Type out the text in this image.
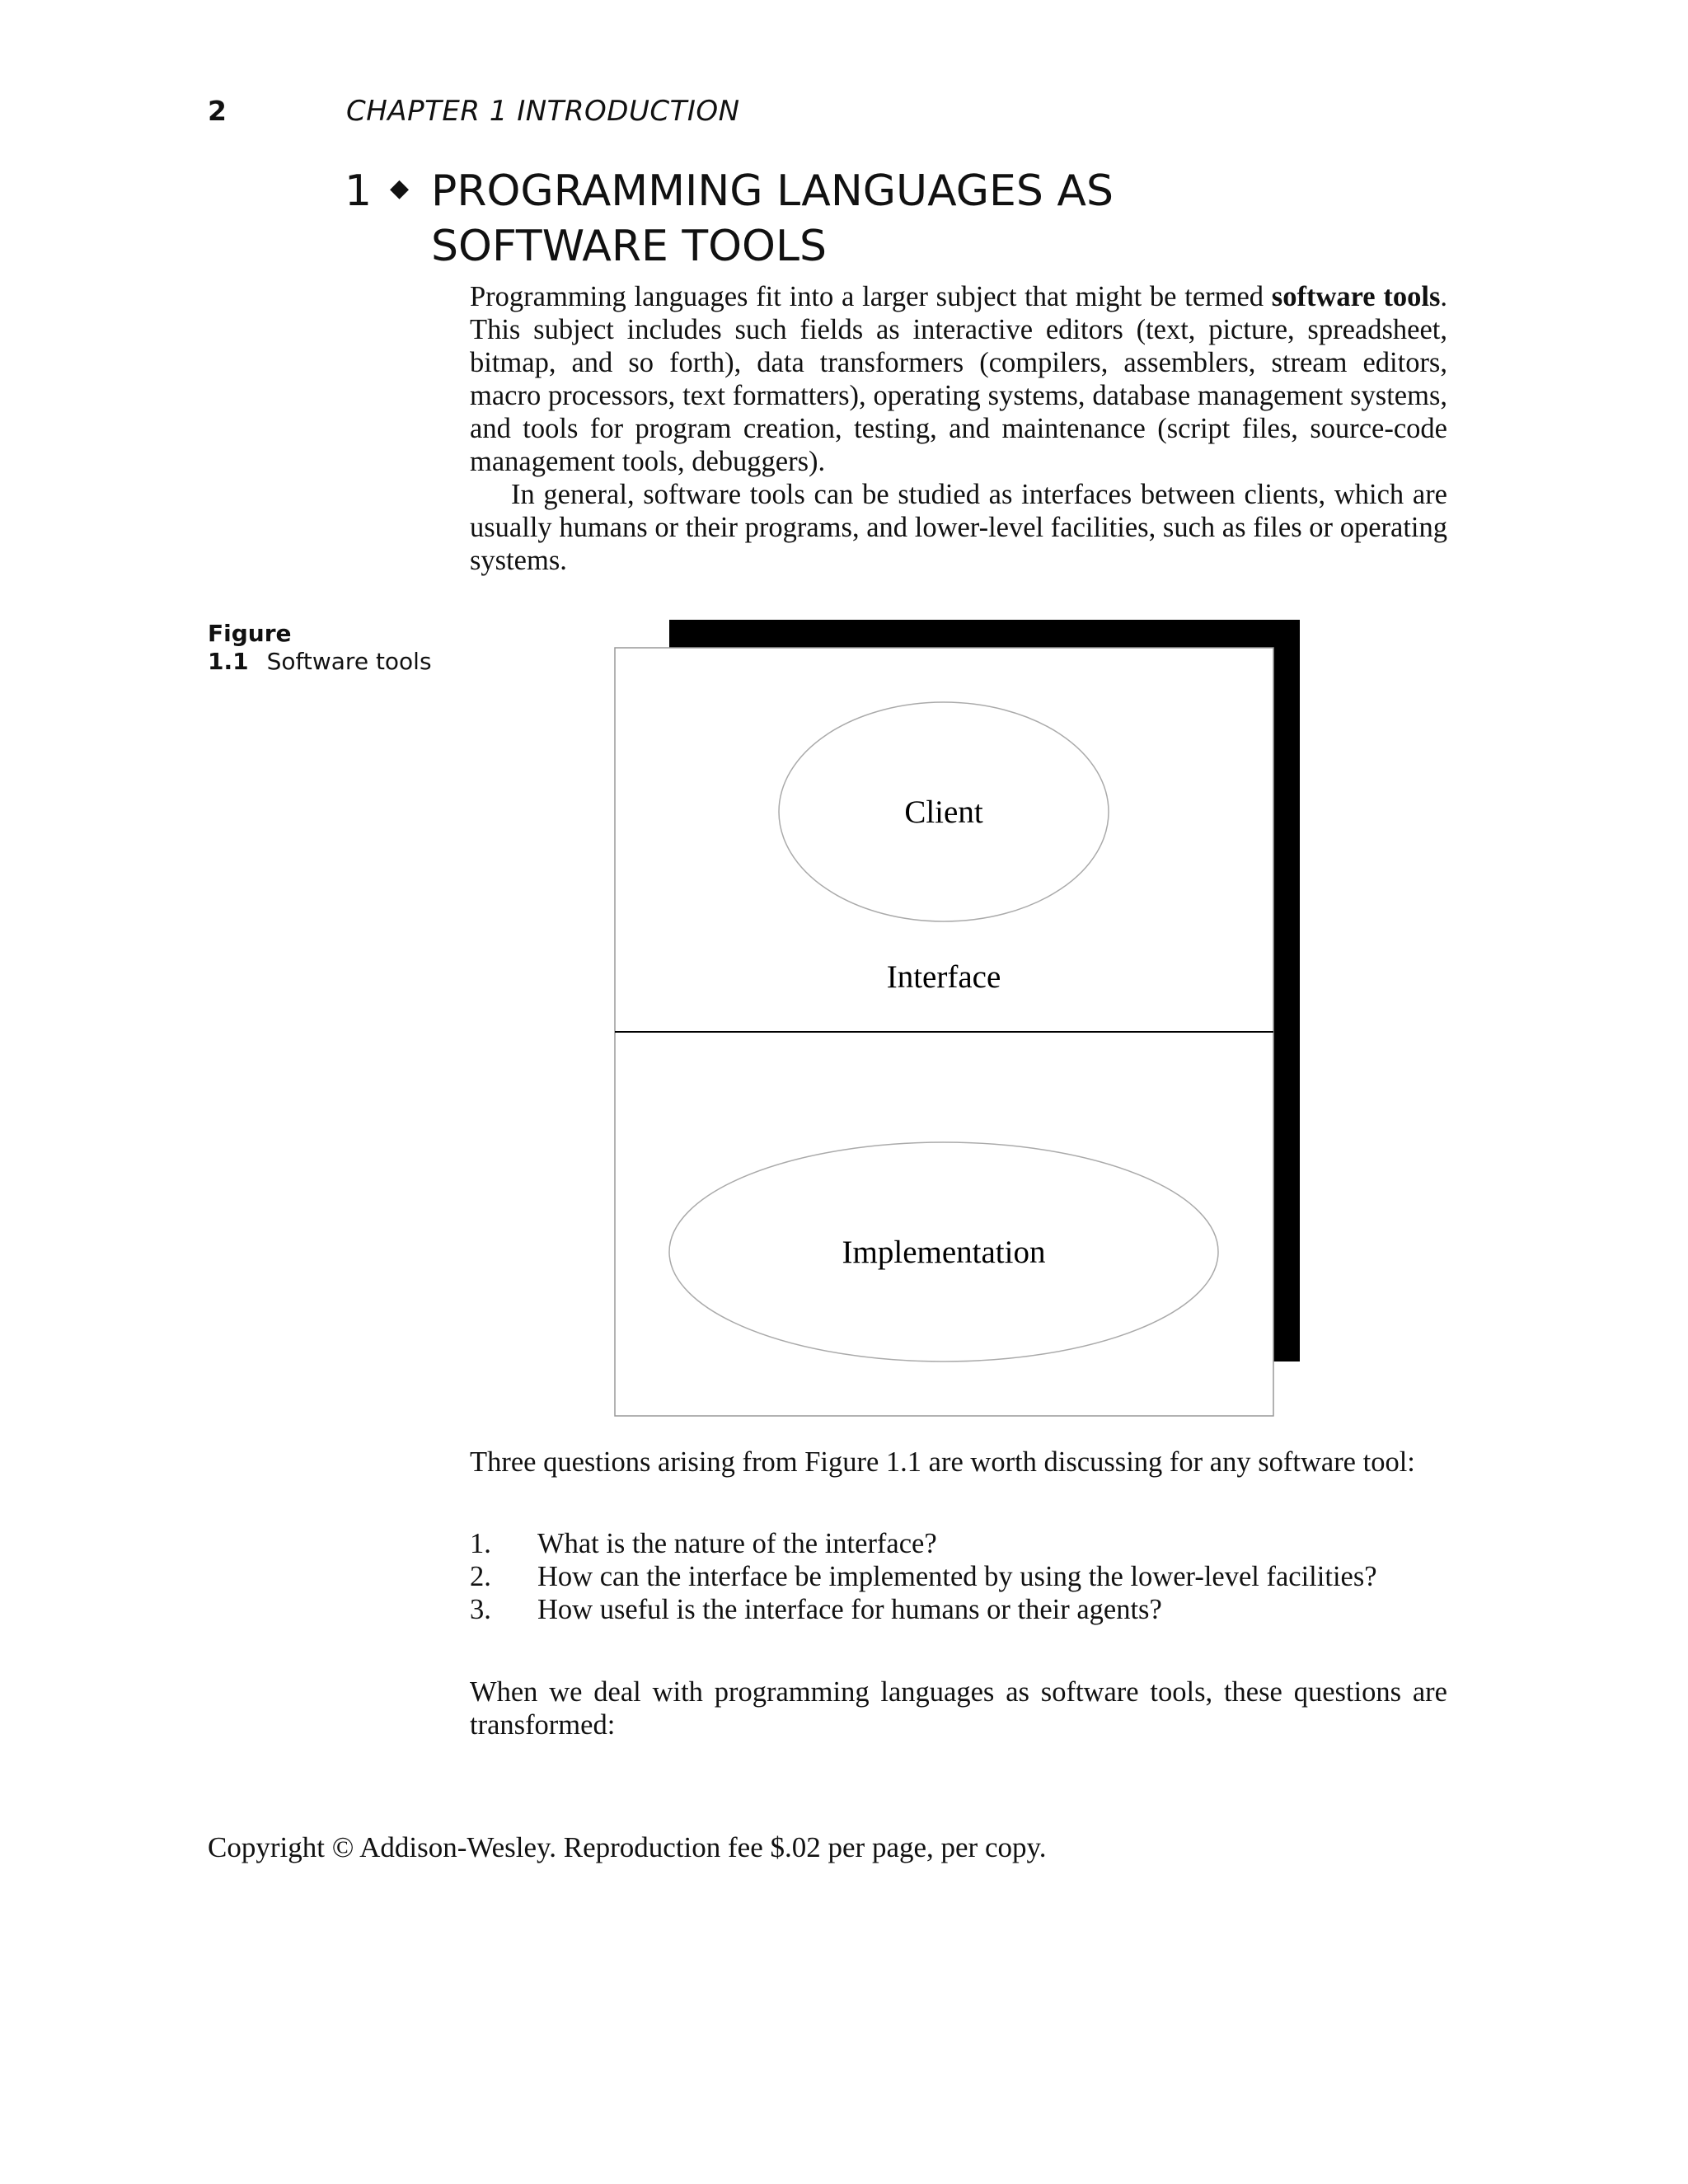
2	CHAPTER 1 INTRODUCTION
1 ◆ PROGRAMMING LANGUAGES AS
SOFTWARE TOOLS

Programming languages fit into a larger subject that might be termed software tools. This subject includes such fields as interactive editors (text, picture, spreadsheet, bitmap, and so forth), data transformers (compilers, assemblers, stream editors, macro processors, text formatters), operating systems, database management systems, and tools for program creation, testing, and maintenance (script files, source-code management tools, debuggers).

In general, software tools can be studied as interfaces between clients, which are usually humans or their programs, and lower-level facilities, such as files or operating systems.

Figure 1.1 Software tools
Client
Interface
Implementation

Three questions arising from Figure 1.1 are worth discussing for any software tool:

1.	What is the nature of the interface?
2.	How can the interface be implemented by using the lower-level facilities?
3.	How useful is the interface for humans or their agents?

When we deal with programming languages as software tools, these questions are transformed:

Copyright © Addison-Wesley. Reproduction fee $.02 per page, per copy.
